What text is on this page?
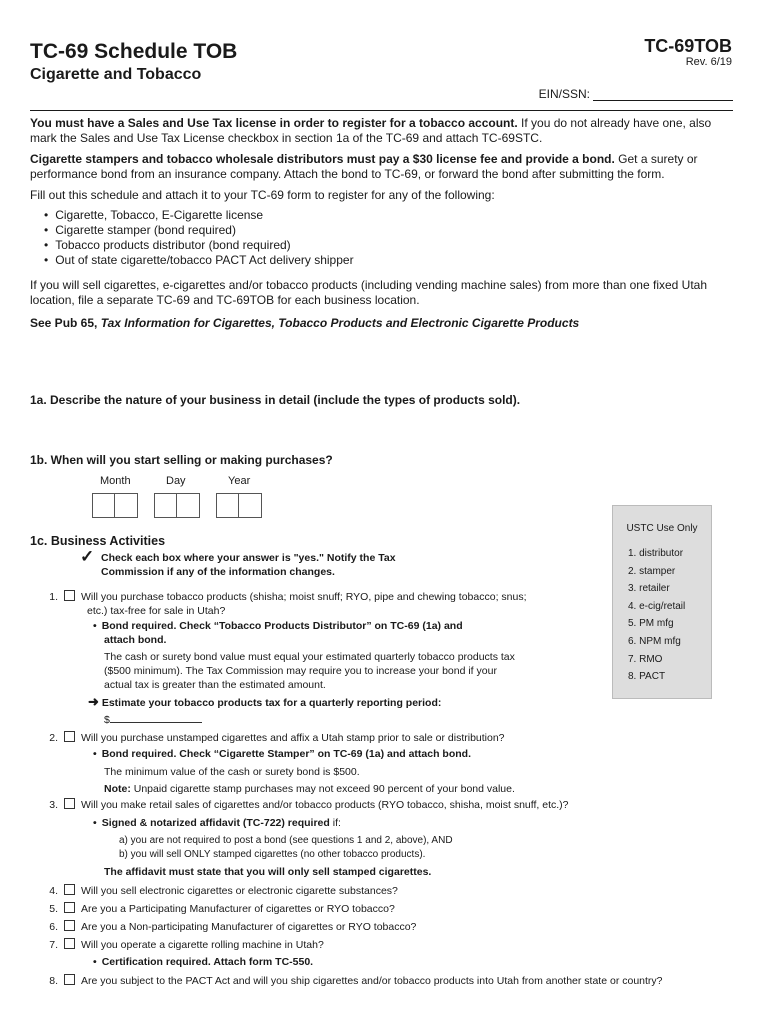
TC-69 Schedule TOB
Cigarette and Tobacco
TC-69TOB
Rev. 6/19
EIN/SSN:
You must have a Sales and Use Tax license in order to register for a tobacco account. If you do not already have one, also mark the Sales and Use Tax License checkbox in section 1a of the TC-69 and attach TC-69STC.
Cigarette stampers and tobacco wholesale distributors must pay a $30 license fee and provide a bond. Get a surety or performance bond from an insurance company. Attach the bond to TC-69, or forward the bond after submitting the form.
Fill out this schedule and attach it to your TC-69 form to register for any of the following:
• Cigarette, Tobacco, E-Cigarette license
• Cigarette stamper (bond required)
• Tobacco products distributor (bond required)
• Out of state cigarette/tobacco PACT Act delivery shipper
If you will sell cigarettes, e-cigarettes and/or tobacco products (including vending machine sales) from more than one fixed Utah location, file a separate TC-69 and TC-69TOB for each business location.
See Pub 65, Tax Information for Cigarettes, Tobacco Products and Electronic Cigarette Products
1a. Describe the nature of your business in detail (include the types of products sold).
1b. When will you start selling or making purchases?
Month	Day	Year
USTC Use Only
1. distributor
2. stamper
3. retailer
4. e-cig/retail
5. PM mfg
6. NPM mfg
7. RMO
8. PACT
1c. Business Activities
✓ Check each box where your answer is "yes." Notify the Tax
Commission if any of the information changes.
1. Will you purchase tobacco products (shisha; moist snuff; RYO, pipe and chewing tobacco; snus;
etc.) tax-free for sale in Utah?
• Bond required. Check “Tobacco Products Distributor” on TC-69 (1a) and
attach bond.
The cash or surety bond value must equal your estimated quarterly tobacco products tax
($500 minimum). The Tax Commission may require you to increase your bond if your
actual tax is greater than the estimated amount.
➜ Estimate your tobacco products tax for a quarterly reporting period:
$
2. Will you purchase unstamped cigarettes and affix a Utah stamp prior to sale or distribution?
• Bond required. Check “Cigarette Stamper” on TC-69 (1a) and attach bond.
The minimum value of the cash or surety bond is $500.
Note: Unpaid cigarette stamp purchases may not exceed 90 percent of your bond value.
3. Will you make retail sales of cigarettes and/or tobacco products (RYO tobacco, shisha, moist snuff, etc.)?
• Signed & notarized affidavit (TC-722) required if:
a) you are not required to post a bond (see questions 1 and 2, above), AND
b) you will sell ONLY stamped cigarettes (no other tobacco products).
The affidavit must state that you will only sell stamped cigarettes.
4. Will you sell electronic cigarettes or electronic cigarette substances?
5. Are you a Participating Manufacturer of cigarettes or RYO tobacco?
6. Are you a Non-participating Manufacturer of cigarettes or RYO tobacco?
7. Will you operate a cigarette rolling machine in Utah?
• Certification required. Attach form TC-550.
8. Are you subject to the PACT Act and will you ship cigarettes and/or tobacco products into Utah from another state or country?
